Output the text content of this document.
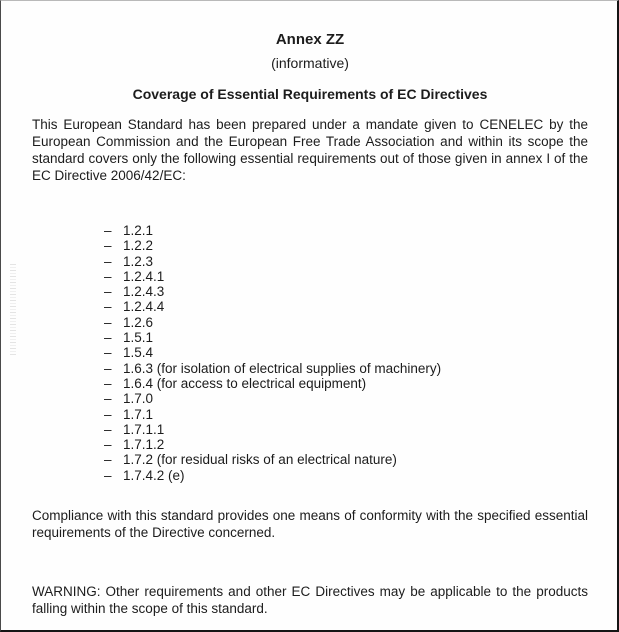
Annex ZZ

(informative)

Coverage of Essential Requirements of EC Directives

This European Standard has been prepared under a mandate given to CENELEC by the European Commission and the European Free Trade Association and within its scope the standard covers only the following essential requirements out of those given in annex I of the EC Directive 2006/42/EC:

– 1.2.1
– 1.2.2
– 1.2.3
– 1.2.4.1
– 1.2.4.3
– 1.2.4.4
– 1.2.6
– 1.5.1
– 1.5.4
– 1.6.3 (for isolation of electrical supplies of machinery)
– 1.6.4 (for access to electrical equipment)
– 1.7.0
– 1.7.1
– 1.7.1.1
– 1.7.1.2
– 1.7.2 (for residual risks of an electrical nature)
– 1.7.4.2 (e)

Compliance with this standard provides one means of conformity with the specified essential requirements of the Directive concerned.

WARNING: Other requirements and other EC Directives may be applicable to the products falling within the scope of this standard.
